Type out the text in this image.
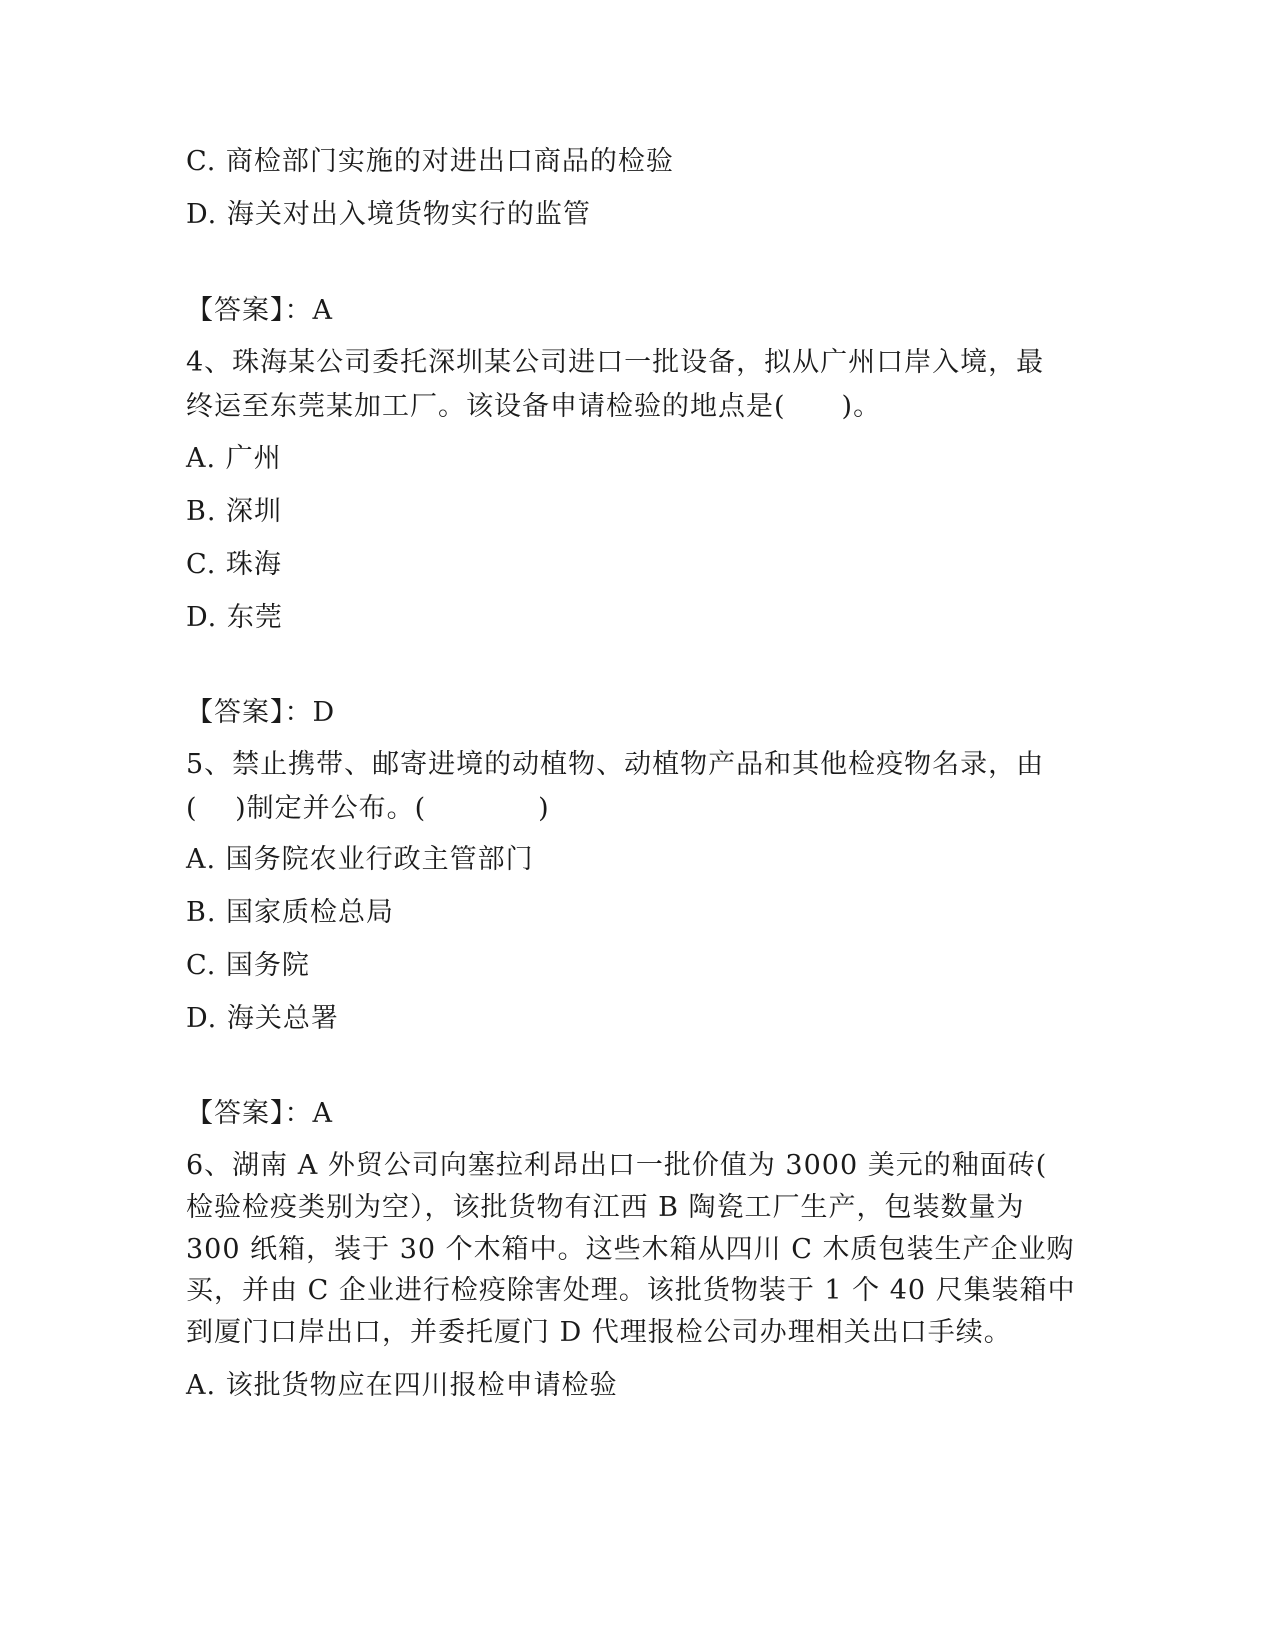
C. 商检部门实施的对进出口商品的检验
D. 海关对出入境货物实行的监管
【答案】：A
4、珠海某公司委托深圳某公司进口一批设备，拟从广州口岸入境，最
终运至东莞某加工厂。该设备申请检验的地点是(　　)。
A. 广州
B. 深圳
C. 珠海
D. 东莞
【答案】：D
5、禁止携带、邮寄进境的动植物、动植物产品和其他检疫物名录，由
(　 )制定并公布。(　　　　)
A. 国务院农业行政主管部门
B. 国家质检总局
C. 国务院
D. 海关总署
【答案】：A
6、湖南 A 外贸公司向塞拉利昂出口一批价值为 3000 美元的釉面砖(
检验检疫类别为空），该批货物有江西 B 陶瓷工厂生产，包装数量为
300 纸箱，装于 30 个木箱中。这些木箱从四川 C 木质包装生产企业购
买，并由 C 企业进行检疫除害处理。该批货物装于 1 个 40 尺集装箱中
到厦门口岸出口，并委托厦门 D 代理报检公司办理相关出口手续。
A. 该批货物应在四川报检申请检验
